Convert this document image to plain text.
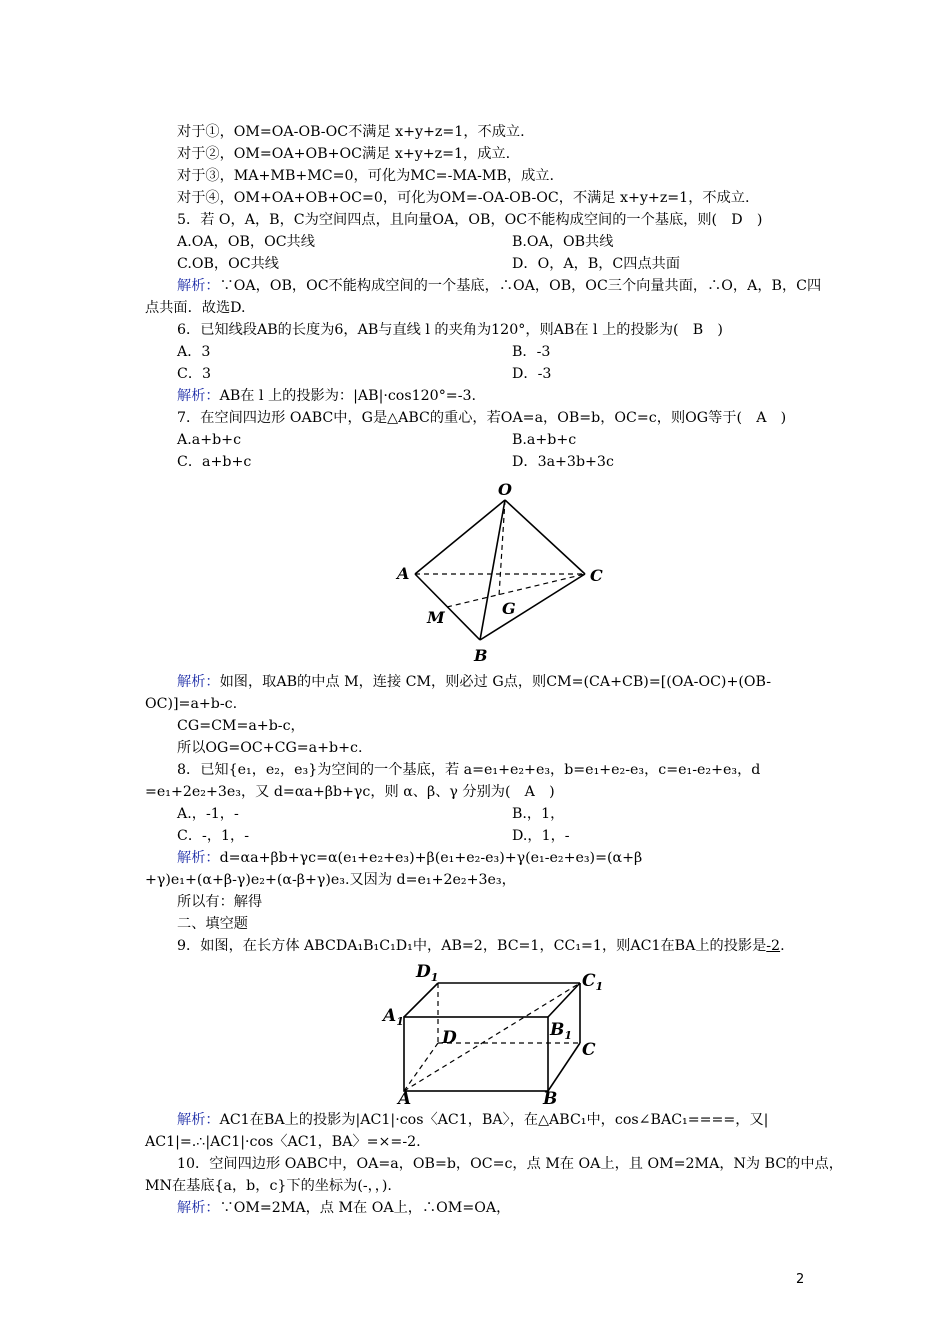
对于①，OM=OA-OB-OC不满足 x+y+z=1，不成立.
对于②，OM=OA+OB+OC满足 x+y+z=1，成立.
对于③，MA+MB+MC=0，可化为MC=-MA-MB，成立.
对于④，OM+OA+OB+OC=0，可化为OM=-OA-OB-OC，不满足 x+y+z=1，不成立.
5．若 O，A，B，C为空间四点，且向量OA，OB，OC不能构成空间的一个基底，则(　D　)
A.OA，OB，OC共线	B.OA，OB共线
C.OB，OC共线	D．O，A，B，C四点共面
解析：∵OA，OB，OC不能构成空间的一个基底，∴OA，OB，OC三个向量共面，∴O，A，B，C四
点共面．故选D.
6．已知线段AB的长度为6，AB与直线 l 的夹角为120°，则AB在 l 上的投影为(　B　)
A．3	B．-3
C．3	D．-3
解析：AB在 l 上的投影为：|AB|·cos120°=-3.
7．在空间四边形 OABC中，G是△ABC的重心，若OA=a，OB=b，OC=c，则OG等于(　A　)
A.a+b+c	B.a+b+c
C．a+b+c	D．3a+3b+3c
O
A	C
B
M	G
解析：如图，取AB的中点 M，连接 CM，则必过 G点，则CM=(CA+CB)=[(OA-OC)+(OB-
OC)]=a+b-c.
CG=CM=a+b-c，
所以OG=OC+CG=a+b+c.
8．已知{e₁，e₂，e₃}为空间的一个基底，若 a=e₁+e₂+e₃，b=e₁+e₂-e₃，c=e₁-e₂+e₃，d
=e₁+2e₂+3e₃，又 d=αa+βb+γc，则 α、β、γ 分别为(　A　)
A.，-1，-	B.，1，
C．-，1，-	D.，1，-
解析：d=αa+βb+γc=α(e₁+e₂+e₃)+β(e₁+e₂-e₃)+γ(e₁-e₂+e₃)=(α+β
+γ)e₁+(α+β-γ)e₂+(α-β+γ)e₃.又因为 d=e₁+2e₂+3e₃，
所以有：解得
二、填空题
9．如图，在长方体 ABCDA₁B₁C₁D₁中，AB=2，BC=1，CC₁=1，则AC1在BA上的投影是-2.
$D_1$	$C_1$
$A_1$	$B_1$
D
C
A	B
解析：AC1在BA上的投影为|AC1|·cos〈AC1，BA〉，在△ABC₁中，cos∠BAC₁====，又|
AC1|=.∴|AC1|·cos〈AC1，BA〉=×=-2.
10．空间四边形 OABC中，OA=a，OB=b，OC=c，点 M在 OA上，且 OM=2MA，N为 BC的中点，
MN在基底{a，b，c}下的坐标为(-，，).
解析：∵OM=2MA，点 M在 OA上，∴OM=OA，
2
